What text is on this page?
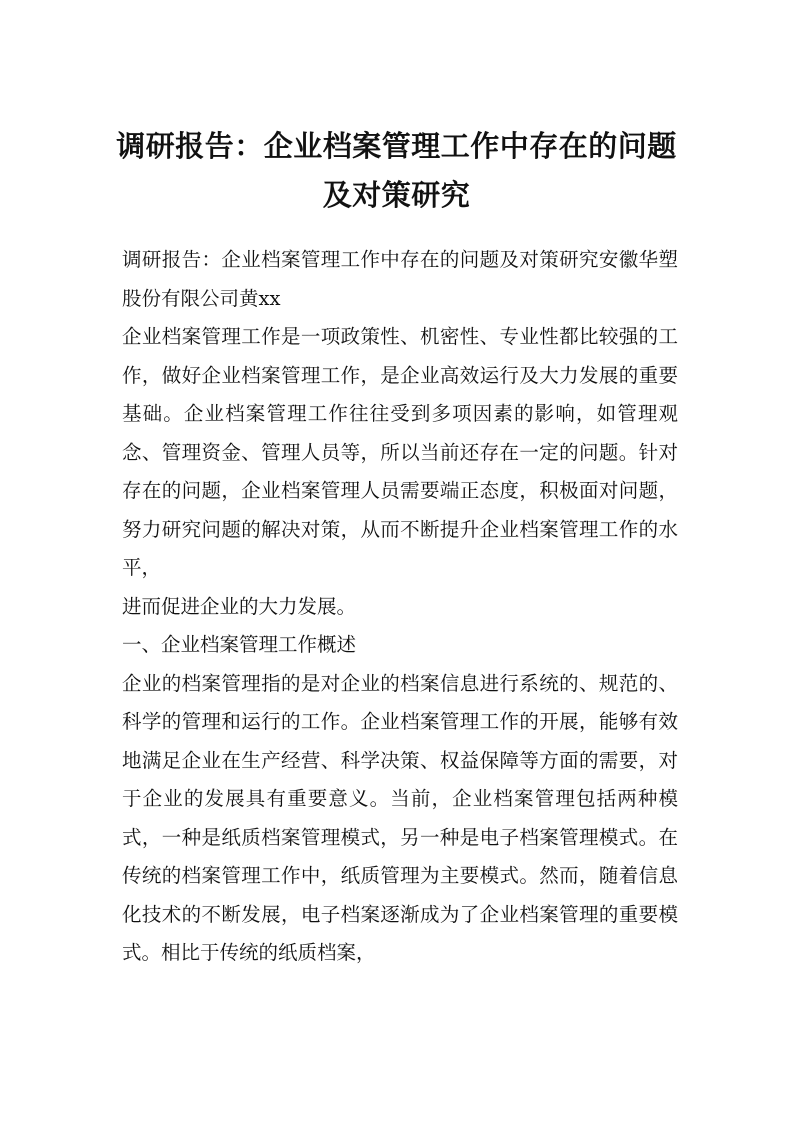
调研报告：企业档案管理工作中存在的问题
及对策研究

调研报告：企业档案管理工作中存在的问题及对策研究安徽华塑股份有限公司黄xx

企业档案管理工作是一项政策性、机密性、专业性都比较强的工作，做好企业档案管理工作，是企业高效运行及大力发展的重要基础。企业档案管理工作往往受到多项因素的影响，如管理观念、管理资金、管理人员等，所以当前还存在一定的问题。针对存在的问题，企业档案管理人员需要端正态度，积极面对问题，努力研究问题的解决对策，从而不断提升企业档案管理工作的水平，

进而促进企业的大力发展。

一、企业档案管理工作概述

企业的档案管理指的是对企业的档案信息进行系统的、规范的、科学的管理和运行的工作。企业档案管理工作的开展，能够有效地满足企业在生产经营、科学决策、权益保障等方面的需要，对于企业的发展具有重要意义。当前，企业档案管理包括两种模式，一种是纸质档案管理模式，另一种是电子档案管理模式。在传统的档案管理工作中，纸质管理为主要模式。然而，随着信息化技术的不断发展，电子档案逐渐成为了企业档案管理的重要模式。相比于传统的纸质档案，
